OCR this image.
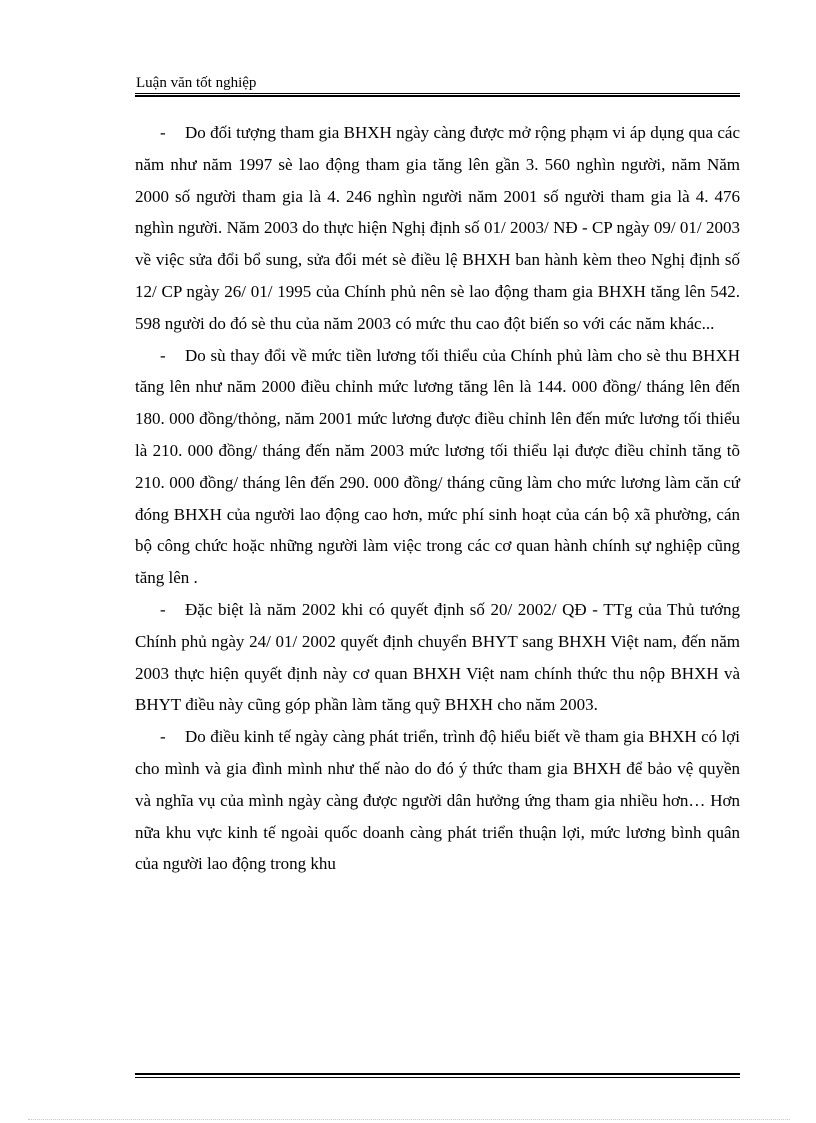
Luận văn tốt nghiệp

- Do đối tượng tham gia BHXH ngày càng được mở rộng phạm vi áp dụng qua các năm như năm 1997 sè lao động tham gia tăng lên gần 3. 560 nghìn người, năm Năm 2000 số người tham gia là 4. 246 nghìn người năm 2001 số người tham gia là 4. 476 nghìn người. Năm 2003 do thực hiện Nghị định số 01/ 2003/ NĐ - CP ngày 09/ 01/ 2003 về việc sửa đổi bổ sung, sửa đổi mét sè điều lệ BHXH ban hành kèm theo Nghị định số 12/ CP ngày 26/ 01/ 1995 của Chính phủ nên sè lao động tham gia BHXH tăng lên 542. 598 người do đó sè thu của năm 2003 có mức thu cao đột biến so với các năm khác...

- Do sù thay đổi về mức tiền lương tối thiểu của Chính phủ làm cho sè thu BHXH tăng lên như năm 2000 điều chỉnh mức lương tăng lên là 144. 000 đồng/ tháng lên đến 180. 000 đồng/thỏng, năm 2001 mức lương được điều chỉnh lên đến mức lương tối thiểu là 210. 000 đồng/ tháng đến năm 2003 mức lương tối thiểu lại được điều chỉnh tăng tõ 210. 000 đồng/ tháng lên đến 290. 000 đồng/ tháng cũng làm cho mức lương làm căn cứ đóng BHXH của người lao động cao hơn, mức phí sinh hoạt của cán bộ xã phường, cán bộ công chức hoặc những người làm việc trong các cơ quan hành chính sự nghiệp cũng tăng lên .

- Đặc biệt là năm 2002 khi có quyết định số 20/ 2002/ QĐ - TTg của Thủ tướng Chính phủ ngày 24/ 01/ 2002 quyết định chuyển BHYT sang BHXH Việt nam, đến năm 2003 thực hiện quyết định này cơ quan BHXH Việt nam chính thức thu nộp BHXH và BHYT điều này cũng góp phần làm tăng quỹ BHXH cho năm 2003.

- Do điều kinh tế ngày càng phát triển, trình độ hiểu biết về tham gia BHXH có lợi cho mình và gia đình mình như thế nào do đó ý thức tham gia BHXH để bảo vệ quyền và nghĩa vụ của mình ngày càng được người dân hưởng ứng tham gia nhiều hơn… Hơn nữa khu vực kinh tế ngoài quốc doanh càng phát triển thuận lợi, mức lương bình quân của người lao động trong khu
